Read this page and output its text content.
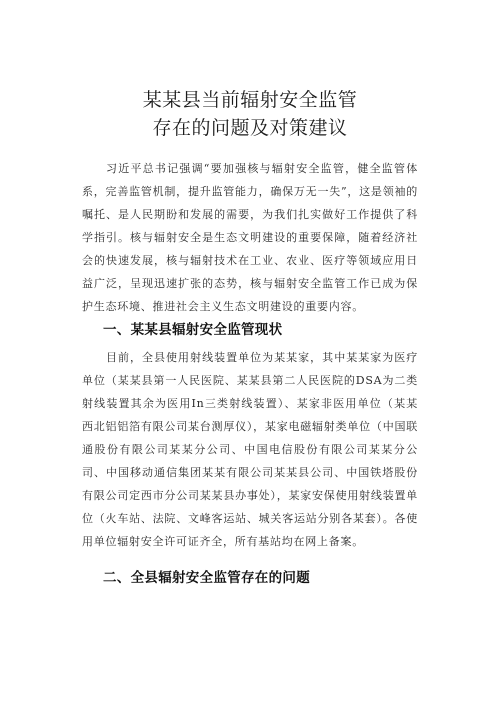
某某县当前辐射安全监管
存在的问题及对策建议
习近平总书记强调“要加强核与辐射安全监管，健全监管体系，完善监管机制，提升监管能力，确保万无一失”，这是领袖的嘱托、是人民期盼和发展的需要，为我们扎实做好工作提供了科学指引。核与辐射安全是生态文明建设的重要保障，随着经济社会的快速发展，核与辐射技术在工业、农业、医疗等领域应用日益广泛，呈现迅速扩张的态势，核与辐射安全监管工作已成为保护生态环境、推进社会主义生态文明建设的重要内容。
一、某某县辐射安全监管现状
目前，全县使用射线装置单位为某某家，其中某某家为医疗单位（某某县第一人民医院、某某县第二人民医院的DSA为二类射线装置其余为医用In三类射线装置）、某家非医用单位（某某西北铝铝箔有限公司某台测厚仪），某家电磁辐射类单位（中国联通股份有限公司某某分公司、中国电信股份有限公司某某分公司、中国移动通信集团某某有限公司某某县公司、中国铁塔股份有限公司定西市分公司某某县办事处），某家安保使用射线装置单位（火车站、法院、文峰客运站、城关客运站分别各某套）。各使用单位辐射安全许可证齐全，所有基站均在网上备案。
二、全县辐射安全监管存在的问题
